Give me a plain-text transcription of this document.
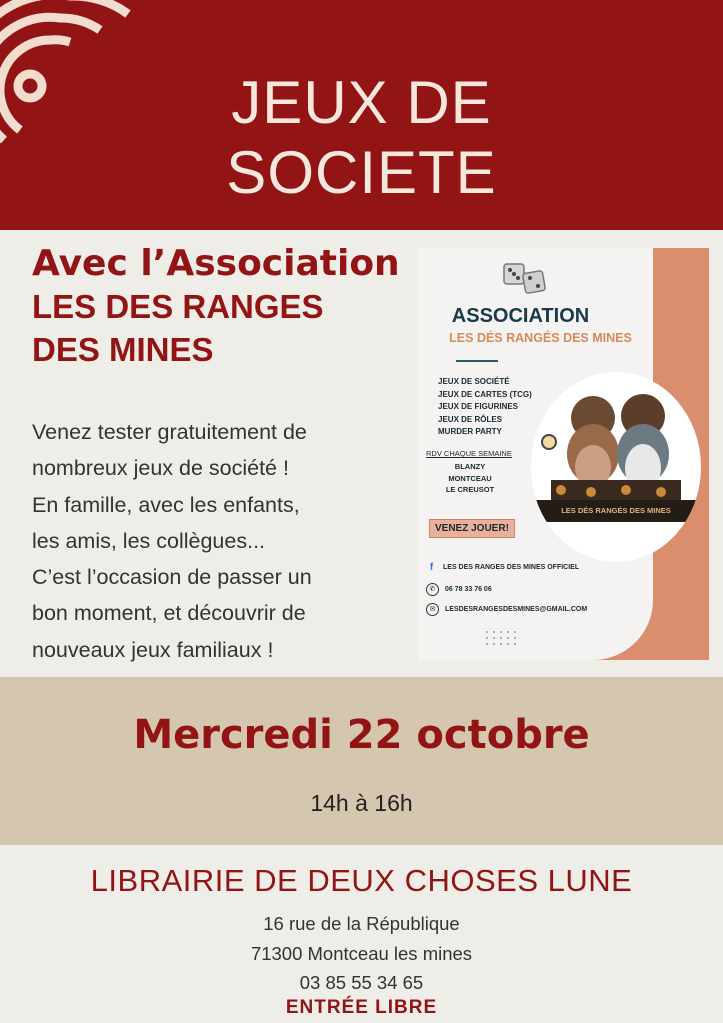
JEUX DE
SOCIETE
Avec l’Association
LES DES RANGES
DES MINES
Venez tester gratuitement de
nombreux jeux de société !
En famille, avec les enfants,
les amis, les collègues...
C’est l’occasion de passer un
bon moment, et découvrir de
nouveaux jeux familiaux !
ASSOCIATION
LES DÉS RANGÉS DES MINES
JEUX DE SOCIÉTÉ
JEUX DE CARTES (TCG)
JEUX DE FIGURINES
JEUX DE RÔLES
MURDER PARTY
RDV CHAQUE SEMAINE
BLANZY
MONTCEAU
LE CREUSOT
LES DÉS RANGÉS DES MINES
VENEZ JOUER!
f	LES DES RANGES DES MINES OFFICIEL
✆	06 78 33 76 06
✉	LESDESRANGESDESMINES@GMAIL.COM
Mercredi 22 octobre
14h à 16h
LIBRAIRIE DE DEUX CHOSES LUNE
16 rue de la République
71300 Montceau les mines
03 85 55 34 65
ENTRÉE LIBRE
